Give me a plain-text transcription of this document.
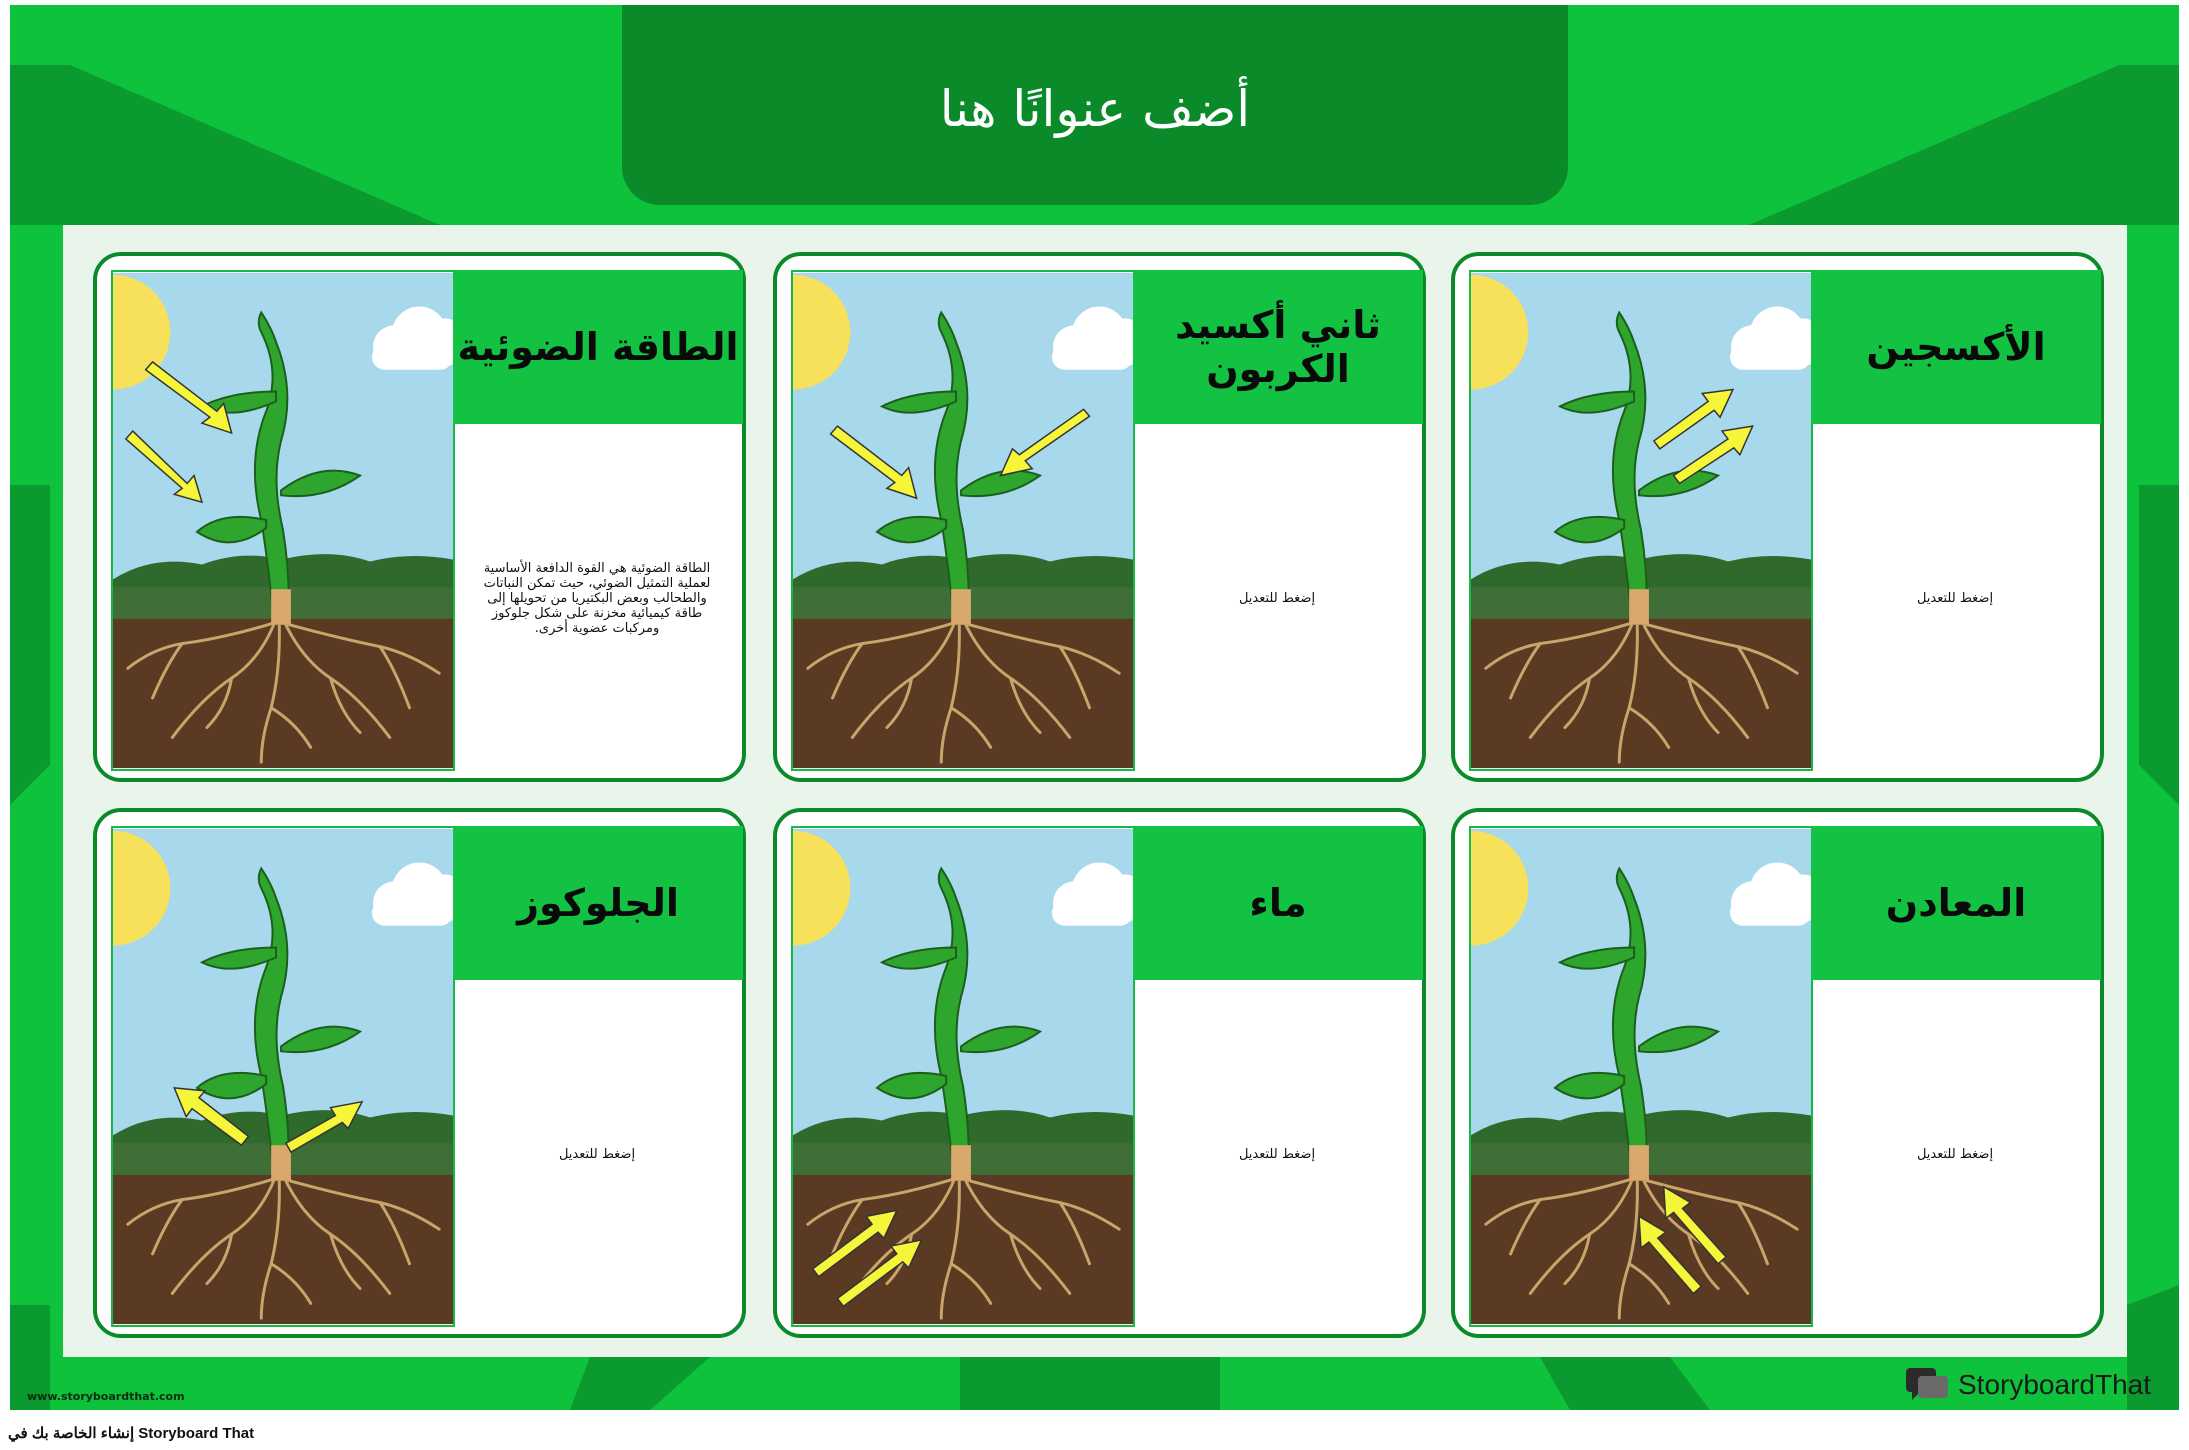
أضف عنوانًا هنا
الطاقة الضوئية
الطاقة الضوئية هي القوة الدافعة الأساسية لعملية التمثيل الضوئي، حيث تمكن النباتات والطحالب وبعض البكتيريا من تحويلها إلى طاقة كيميائية مخزنة على شكل جلوكوز ومركبات عضوية أخرى.
ثاني أكسيد الكربون
إضغط للتعديل
الأكسجين
إضغط للتعديل
الجلوكوز
إضغط للتعديل
ماء
إضغط للتعديل
المعادن
إضغط للتعديل
www.storyboardthat.com	StoryboardThat
إنشاء الخاصة بك في Storyboard That
